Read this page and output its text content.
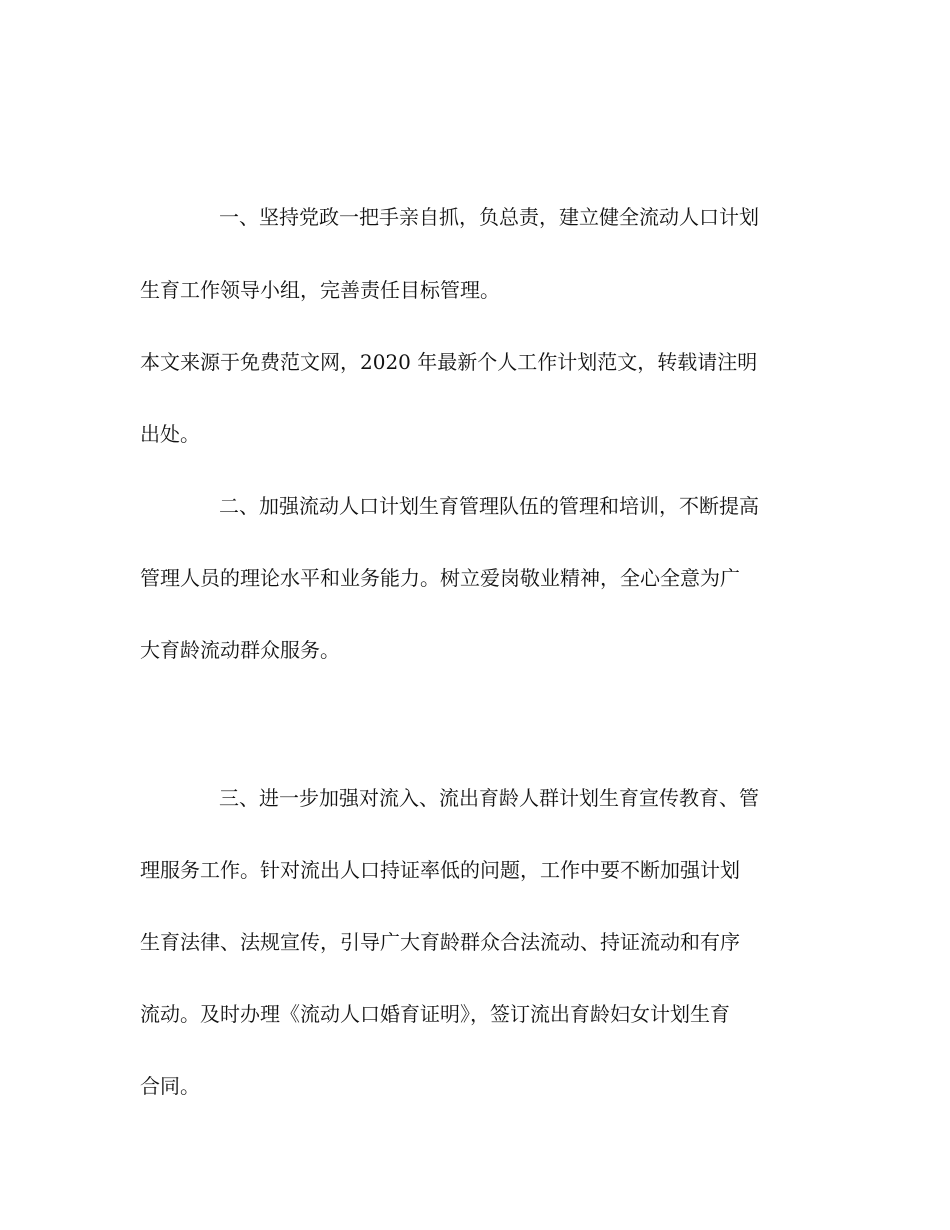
一、坚持党政一把手亲自抓，负总责，建立健全流动人口计划
生育工作领导小组，完善责任目标管理。
本文来源于免费范文网，2020 年最新个人工作计划范文，转载请注明
出处。
二、加强流动人口计划生育管理队伍的管理和培训，不断提高
管理人员的理论水平和业务能力。树立爱岗敬业精神，全心全意为广
大育龄流动群众服务。
三、进一步加强对流入、流出育龄人群计划生育宣传教育、管
理服务工作。针对流出人口持证率低的问题，工作中要不断加强计划
生育法律、法规宣传，引导广大育龄群众合法流动、持证流动和有序
流动。及时办理《流动人口婚育证明》，签订流出育龄妇女计划生育
合同。
